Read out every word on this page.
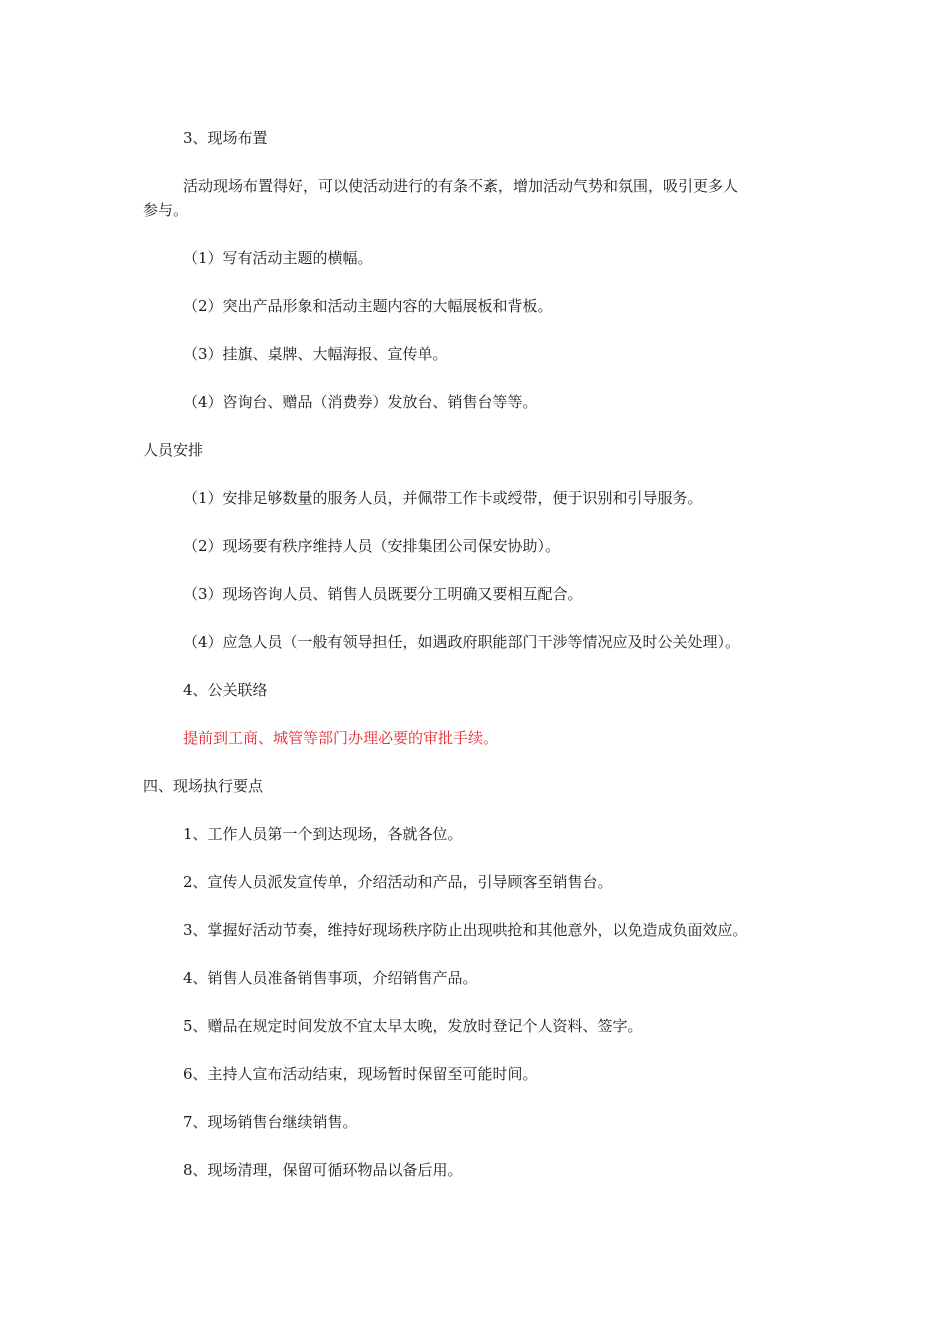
3、现场布置
活动现场布置得好，可以使活动进行的有条不紊，增加活动气势和氛围，吸引更多人
参与。
（1）写有活动主题的横幅。
（2）突出产品形象和活动主题内容的大幅展板和背板。
（3）挂旗、桌牌、大幅海报、宣传单。
（4）咨询台、赠品（消费券）发放台、销售台等等。
人员安排
（1）安排足够数量的服务人员，并佩带工作卡或绶带，便于识别和引导服务。
（2）现场要有秩序维持人员（安排集团公司保安协助）。
（3）现场咨询人员、销售人员既要分工明确又要相互配合。
（4）应急人员（一般有领导担任，如遇政府职能部门干涉等情况应及时公关处理）。
4、公关联络
提前到工商、城管等部门办理必要的审批手续。
四、现场执行要点
1、工作人员第一个到达现场，各就各位。
2、宣传人员派发宣传单，介绍活动和产品，引导顾客至销售台。
3、掌握好活动节奏，维持好现场秩序防止出现哄抢和其他意外，以免造成负面效应。
4、销售人员准备销售事项，介绍销售产品。
5、赠品在规定时间发放不宜太早太晚，发放时登记个人资料、签字。
6、主持人宣布活动结束，现场暂时保留至可能时间。
7、现场销售台继续销售。
8、现场清理，保留可循环物品以备后用。
